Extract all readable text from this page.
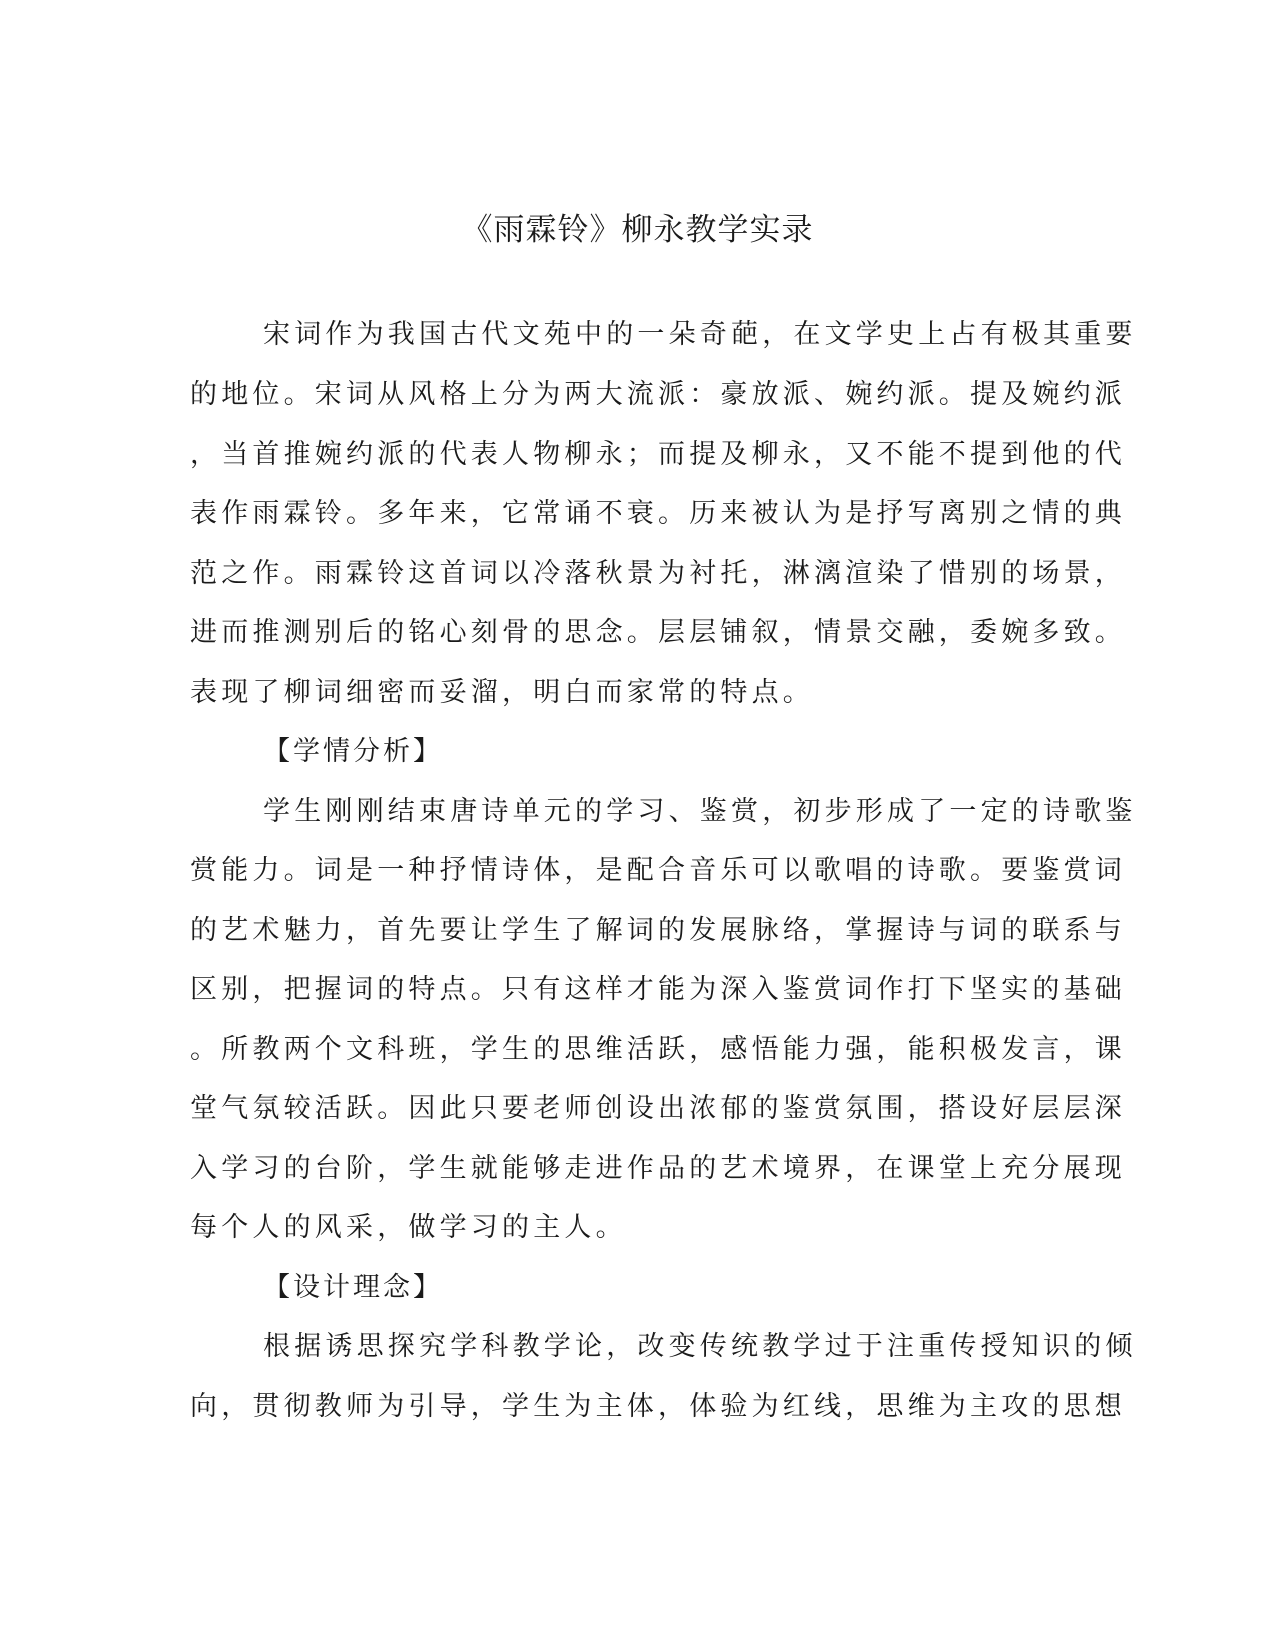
《雨霖铃》柳永教学实录

宋词作为我国古代文苑中的一朵奇葩，在文学史上占有极其重要

的地位。宋词从风格上分为两大流派：豪放派、婉约派。提及婉约派

，当首推婉约派的代表人物柳永；而提及柳永，又不能不提到他的代

表作雨霖铃。多年来，它常诵不衰。历来被认为是抒写离别之情的典

范之作。雨霖铃这首词以冷落秋景为衬托，淋漓渲染了惜别的场景，

进而推测别后的铭心刻骨的思念。层层铺叙，情景交融，委婉多致。

表现了柳词细密而妥溜，明白而家常的特点。

【学情分析】

学生刚刚结束唐诗单元的学习、鉴赏，初步形成了一定的诗歌鉴

赏能力。词是一种抒情诗体，是配合音乐可以歌唱的诗歌。要鉴赏词

的艺术魅力，首先要让学生了解词的发展脉络，掌握诗与词的联系与

区别，把握词的特点。只有这样才能为深入鉴赏词作打下坚实的基础

。所教两个文科班，学生的思维活跃，感悟能力强，能积极发言，课

堂气氛较活跃。因此只要老师创设出浓郁的鉴赏氛围，搭设好层层深

入学习的台阶，学生就能够走进作品的艺术境界，在课堂上充分展现

每个人的风采，做学习的主人。

【设计理念】

根据诱思探究学科教学论，改变传统教学过于注重传授知识的倾

向，贯彻教师为引导，学生为主体，体验为红线，思维为主攻的思想
